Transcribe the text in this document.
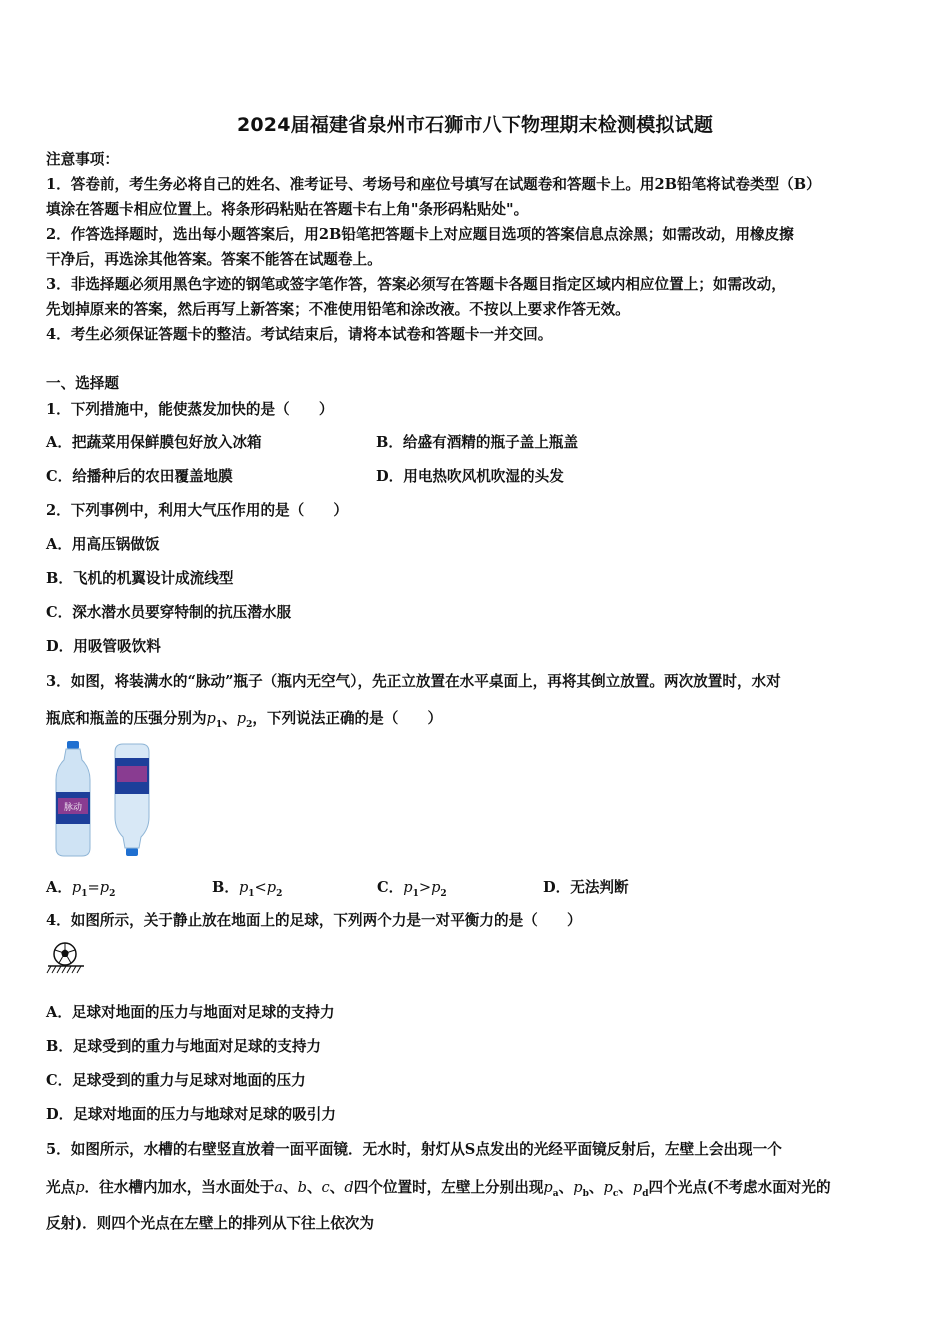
2024届福建省泉州市石狮市八下物理期末检测模拟试题
注意事项：
1．答卷前，考生务必将自己的姓名、准考证号、考场号和座位号填写在试题卷和答题卡上。用2B铅笔将试卷类型（B）
填涂在答题卡相应位置上。将条形码粘贴在答题卡右上角"条形码粘贴处"。
2．作答选择题时，选出每小题答案后，用2B铅笔把答题卡上对应题目选项的答案信息点涂黑；如需改动，用橡皮擦
干净后，再选涂其他答案。答案不能答在试题卷上。
3．非选择题必须用黑色字迹的钢笔或签字笔作答，答案必须写在答题卡各题目指定区域内相应位置上；如需改动，
先划掉原来的答案，然后再写上新答案；不准使用铅笔和涂改液。不按以上要求作答无效。
4．考生必须保证答题卡的整洁。考试结束后，请将本试卷和答题卡一并交回。
一、选择题
1．下列措施中，能使蒸发加快的是（　　）
A．把蔬菜用保鲜膜包好放入冰箱	B．给盛有酒精的瓶子盖上瓶盖
C．给播种后的农田覆盖地膜	D．用电热吹风机吹湿的头发
2．下列事例中，利用大气压作用的是（　　）
A．用高压锅做饭
B．飞机的机翼设计成流线型
C．深水潜水员要穿特制的抗压潜水服
D．用吸管吸饮料
3．如图，将装满水的“脉动”瓶子（瓶内无空气），先正立放置在水平桌面上，再将其倒立放置。两次放置时，水对
瓶底和瓶盖的压强分别为$p_1$、$p_2$，下列说法正确的是（　　）
脉动
A．$p_1=p_2$	B．$p_1<p_2$	C．$p_1>p_2$	D．无法判断
4．如图所示，关于静止放在地面上的足球，下列两个力是一对平衡力的是（　　）
A．足球对地面的压力与地面对足球的支持力
B．足球受到的重力与地面对足球的支持力
C．足球受到的重力与足球对地面的压力
D．足球对地面的压力与地球对足球的吸引力
5．如图所示，水槽的右壁竖直放着一面平面镜．无水时，射灯从S点发出的光经平面镜反射后，左壁上会出现一个
光点p．往水槽内加水，当水面处于a、b、c、d四个位置时，左壁上分别出现$p_a$、$p_b$、$p_c$、$p_d$四个光点(不考虑水面对光的
反射)．则四个光点在左壁上的排列从下往上依次为
